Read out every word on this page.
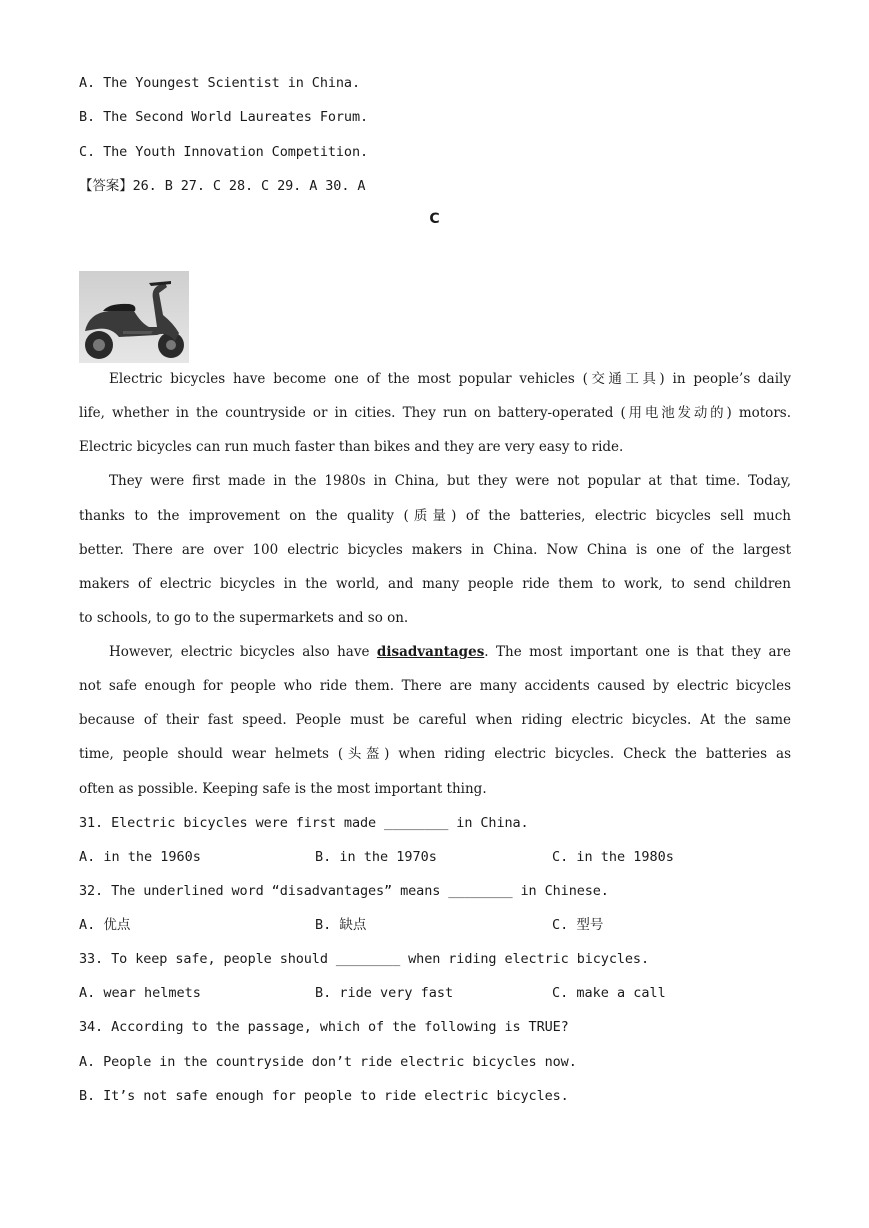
A. The Youngest Scientist in China.
B. The Second World Laureates Forum.
C. The Youth Innovation Competition.
【答案】26. B 27. C 28. C 29. A 30. A
C
Electric bicycles have become one of the most popular vehicles (交通工具) in people’s daily
life, whether in the countryside or in cities. They run on battery-operated (用电池发动的) motors.
Electric bicycles can run much faster than bikes and they are very easy to ride.
They were first made in the 1980s in China, but they were not popular at that time. Today,
thanks to the improvement on the quality (质量) of the batteries, electric bicycles sell much
better. There are over 100 electric bicycles makers in China. Now China is one of the largest
makers of electric bicycles in the world, and many people ride them to work, to send children
to schools, to go to the supermarkets and so on.
However, electric bicycles also have disadvantages. The most important one is that they are
not safe enough for people who ride them. There are many accidents caused by electric bicycles
because of their fast speed. People must be careful when riding electric bicycles. At the same
time, people should wear helmets (头盔) when riding electric bicycles. Check the batteries as
often as possible. Keeping safe is the most important thing.
31. Electric bicycles were first made ________ in China.
A. in the 1960s	B. in the 1970s	C. in the 1980s
32. The underlined word “disadvantages” means ________ in Chinese.
A. 优点	B. 缺点	C. 型号
33. To keep safe, people should ________ when riding electric bicycles.
A. wear helmets	B. ride very fast	C. make a call
34. According to the passage, which of the following is TRUE?
A. People in the countryside don’t ride electric bicycles now.
B. It’s not safe enough for people to ride electric bicycles.
